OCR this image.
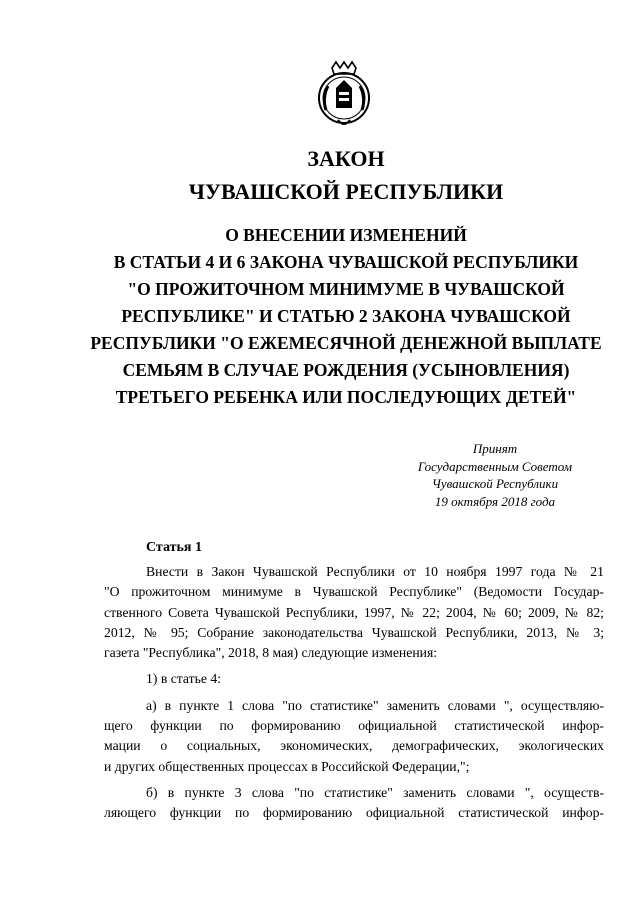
ЗАКОН
ЧУВАШСКОЙ РЕСПУБЛИКИ
О ВНЕСЕНИИ ИЗМЕНЕНИЙ
В СТАТЬИ 4 И 6 ЗАКОНА ЧУВАШСКОЙ РЕСПУБЛИКИ
"О ПРОЖИТОЧНОМ МИНИМУМЕ В ЧУВАШСКОЙ
РЕСПУБЛИКЕ" И СТАТЬЮ 2 ЗАКОНА ЧУВАШСКОЙ
РЕСПУБЛИКИ "О ЕЖЕМЕСЯЧНОЙ ДЕНЕЖНОЙ ВЫПЛАТЕ
СЕМЬЯМ В СЛУЧАЕ РОЖДЕНИЯ (УСЫНОВЛЕНИЯ)
ТРЕТЬЕГО РЕБЕНКА ИЛИ ПОСЛЕДУЮЩИХ ДЕТЕЙ"
Принят
Государственным Советом
Чувашской Республики
19 октября 2018 года
Статья 1
Внести в Закон Чувашской Республики от 10 ноября 1997 года № 21
"О прожиточном минимуме в Чувашской Республике" (Ведомости Государ-
ственного Совета Чувашской Республики, 1997, № 22; 2004, № 60; 2009, № 82;
2012, № 95; Собрание законодательства Чувашской Республики, 2013, № 3;
газета "Республика", 2018, 8 мая) следующие изменения:
1) в статье 4:
а) в пункте 1 слова "по статистике" заменить словами ", осуществляю-
щего функции по формированию официальной статистической инфор-
мации о социальных, экономических, демографических, экологических
и других общественных процессах в Российской Федерации,";
б) в пункте 3 слова "по статистике" заменить словами ", осуществ-
ляющего функции по формированию официальной статистической инфор-
